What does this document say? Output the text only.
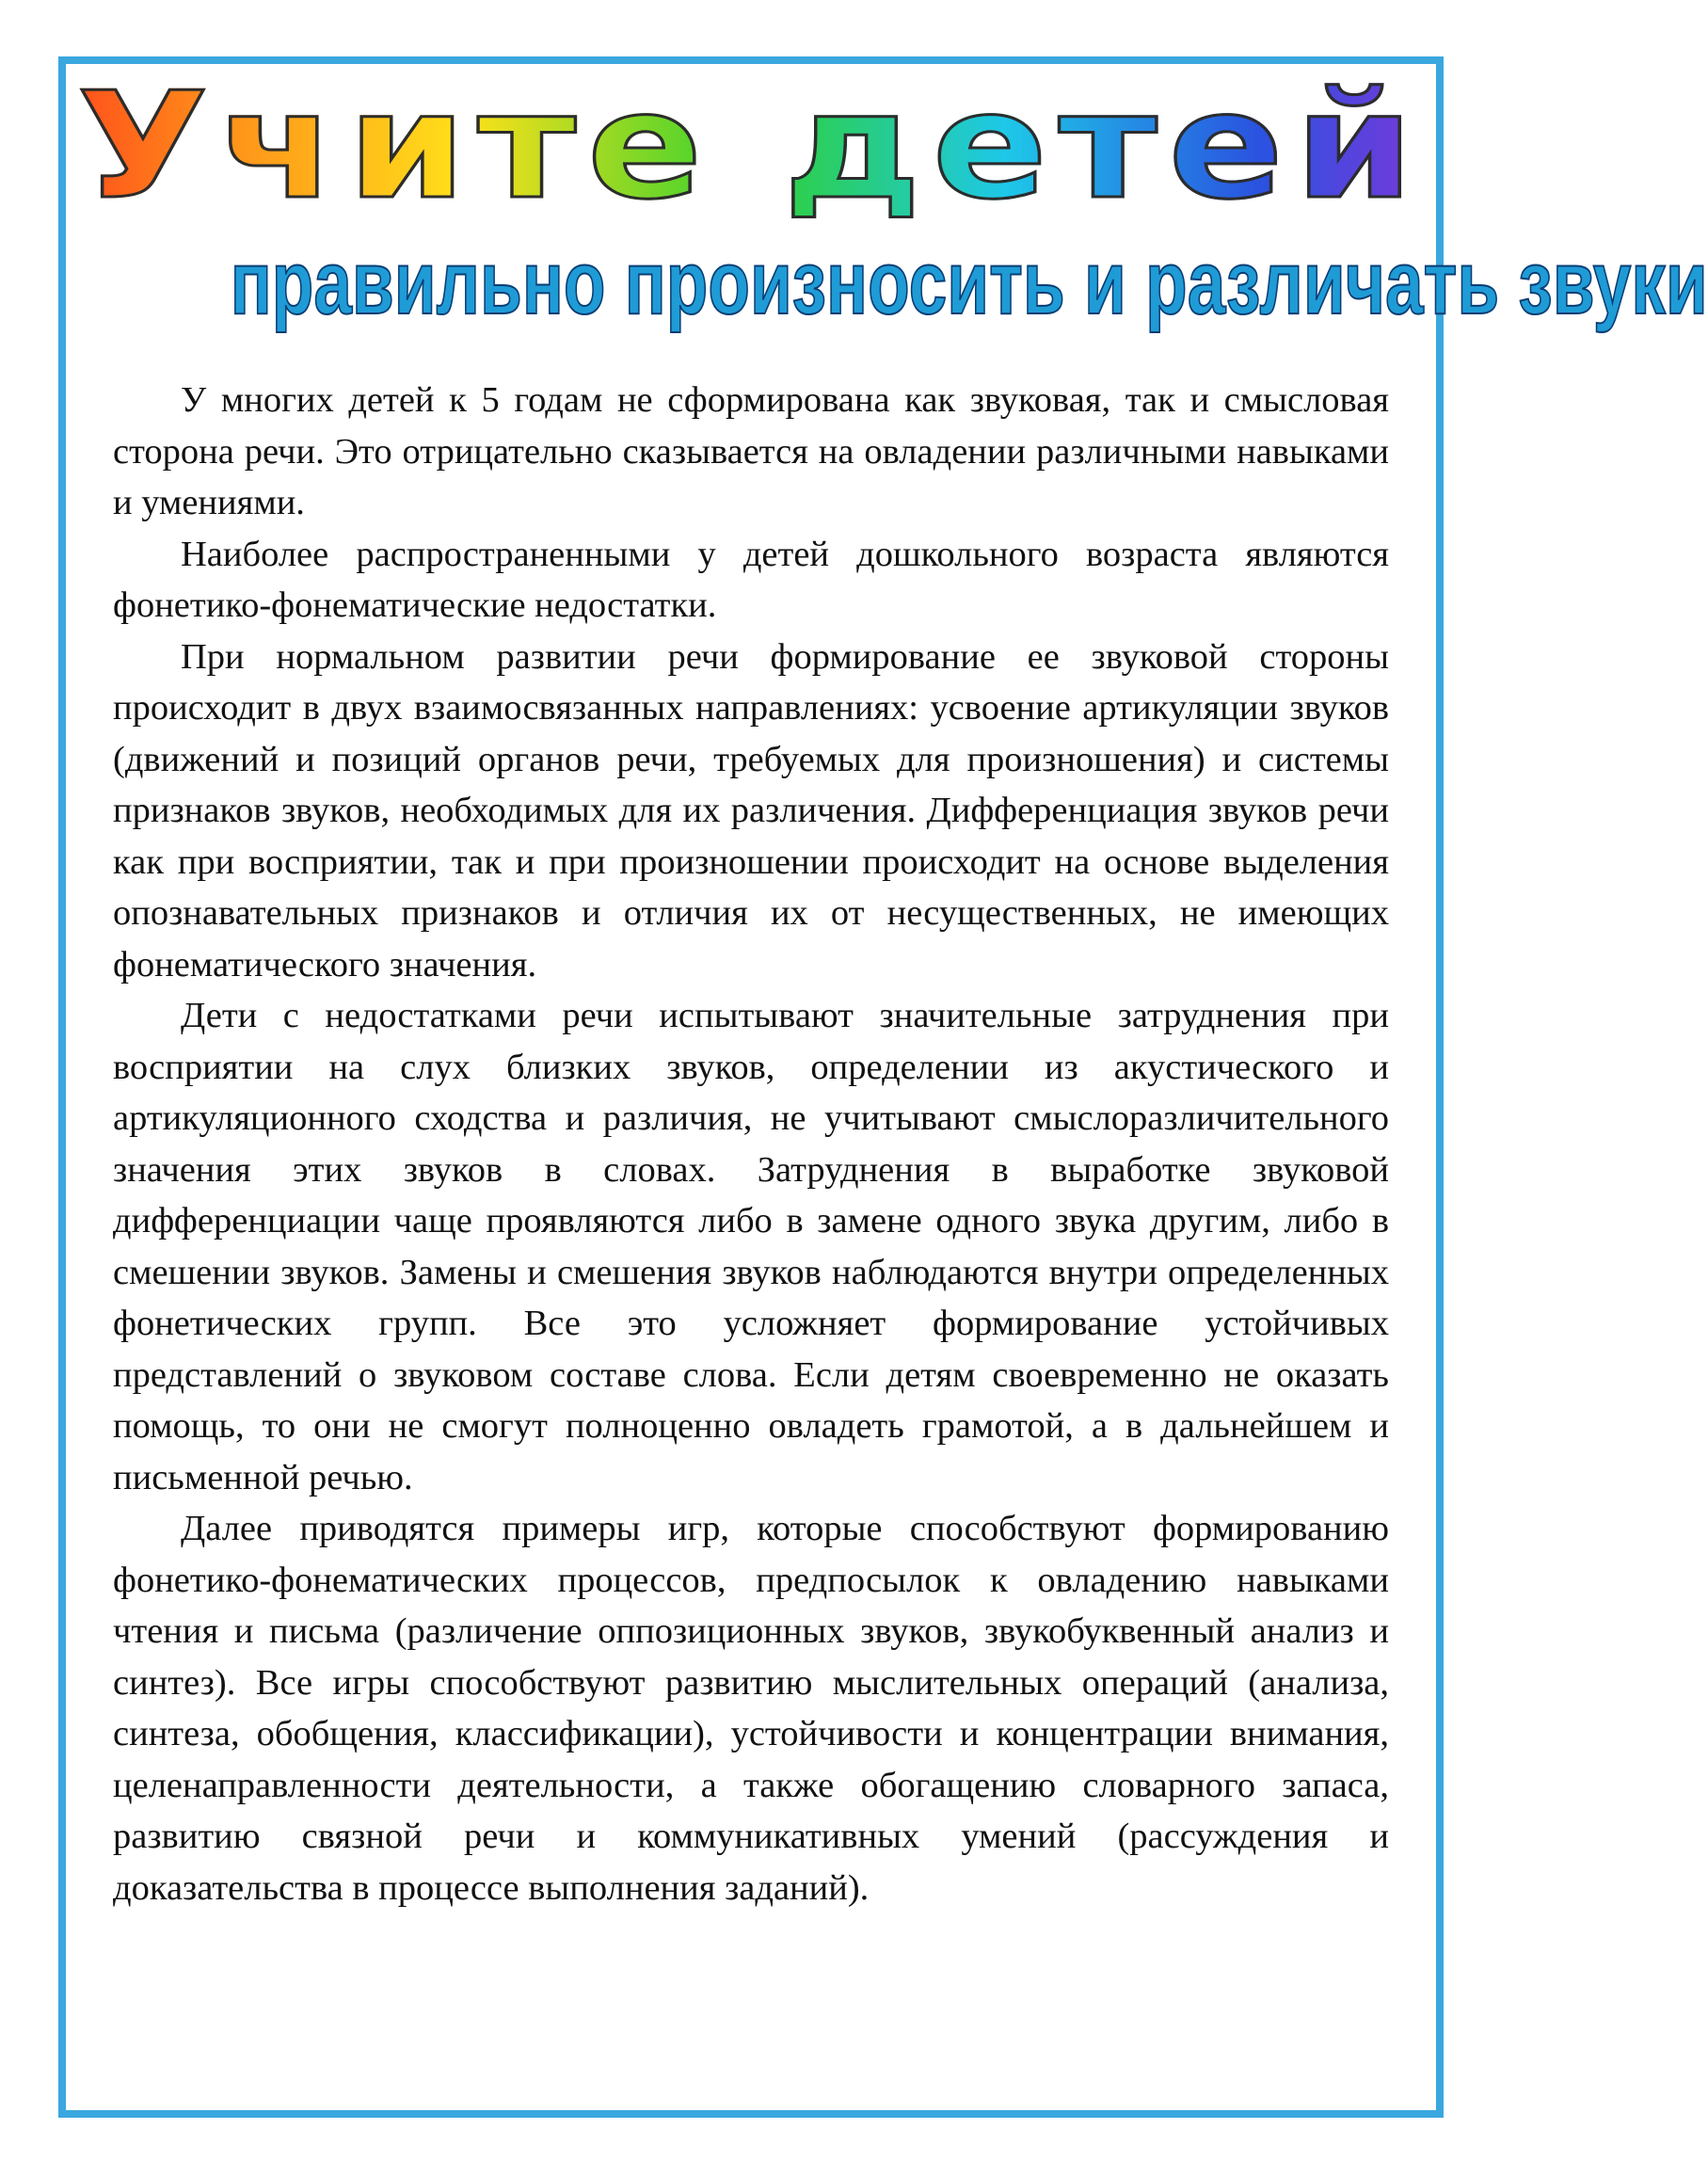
Учите детей
правильно произносить и различать звуки

У многих детей к 5 годам не сформирована как звуковая, так и смысловая сторона речи. Это отрицательно сказывается на овладении различными навыками и умениями.

Наиболее распространенными у детей дошкольного возраста являются фонетико-фонематические недостатки.

При нормальном развитии речи формирование ее звуковой стороны происходит в двух взаимосвязанных направлениях: усвоение артикуляции звуков (движений и позиций органов речи, требуемых для произношения) и системы признаков звуков, необходимых для их различения. Дифференциация звуков речи как при восприятии, так и при произношении происходит на основе выделения опознавательных признаков и отличия их от несущественных, не имеющих фонематического значения.

Дети с недостатками речи испытывают значительные затруднения при восприятии на слух близких звуков, определении из акустического и артикуляционного сходства и различия, не учитывают смыслоразличительного значения этих звуков в словах. Затруднения в выработке звуковой дифференциации чаще проявляются либо в замене одного звука другим, либо в смешении звуков. Замены и смешения звуков наблюдаются внутри определенных фонетических групп. Все это усложняет формирование устойчивых представлений о звуковом составе слова. Если детям своевременно не оказать помощь, то они не смогут полноценно овладеть грамотой, а в дальнейшем и письменной речью.

Далее приводятся примеры игр, которые способствуют формированию фонетико-фонематических процессов, предпосылок к овладению навыками чтения и письма (различение оппозиционных звуков, звукобуквенный анализ и синтез). Все игры способствуют развитию мыслительных операций (анализа, синтеза, обобщения, классификации), устойчивости и концентрации внимания, целенаправленности деятельности, а также обогащению словарного запаса, развитию связной речи и коммуникативных умений (рассуждения и доказательства в процессе выполнения заданий).
